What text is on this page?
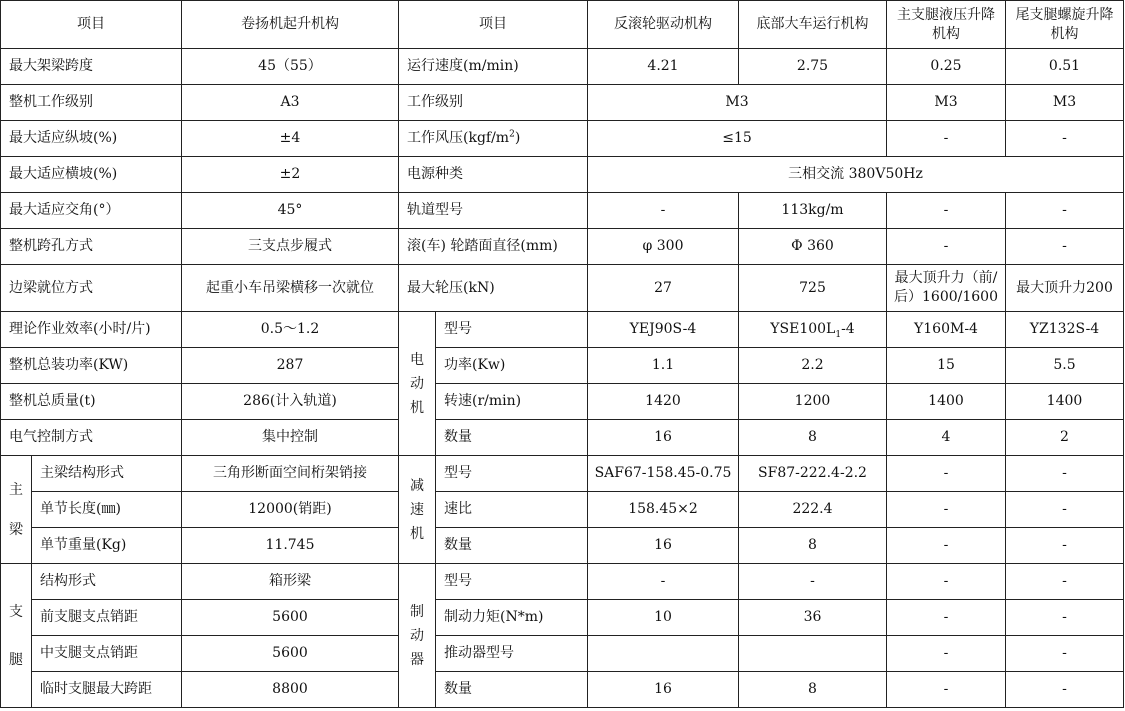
项目		卷扬机起升机构	项目		反滚轮驱动机构	底部大车运行机构	主支腿液压升降机构	尾支腿螺旋升降机构
最大架梁跨度		45（55）	运行速度(m/min)		4.21	2.75	0.25	0.51
整机工作级别		A3	工作级别		M3		M3	M3
最大适应纵坡(%)		±4	工作风压$(kgf/m^2)$		≤15		-	-
最大适应横坡(%)		±2	电源种类		三相交流 380V50Hz			
最大适应交角(°）		45°	轨道型号		-	113kg/m	-	-
整机跨孔方式		三支点步履式	滚(车) 轮踏面直径(mm)		φ 300	Φ 360	-	-
边梁就位方式		起重小车吊梁横移一次就位	最大轮压(kN)		27	725	最大顶升力（前/后）1600/1600	最大顶升力200
理论作业效率(小时/片)		0.5～1.2	电动机	型号	YEJ90S-4	$YSE100L_1-4$	Y160M-4	YZ132S-4
整机总装功率(KW)		287		功率(Kw)	1.1	2.2	15	5.5
整机总质量(t)		286(计入轨道)		转速(r/min)	1420	1200	1400	1400
电气控制方式		集中控制		数量	16	8	4	2
主梁	主梁结构形式	三角形断面空间桁架销接	减速机	型号	SAF67-158.45-0.75	SF87-222.4-2.2	-	-
	单节长度(㎜)	12000(销距)		速比	158.45×2	222.4	-	-
	单节重量(Kg)	11.745		数量	16	8	-	-
支腿	结构形式	箱形梁	制动器	型号	-	-	-	-
	前支腿支点销距	5600		制动力矩(N*m)	10	36	-	-
	中支腿支点销距	5600		推动器型号			-	-
	临时支腿最大跨距	8800		数量	16	8	-	-
